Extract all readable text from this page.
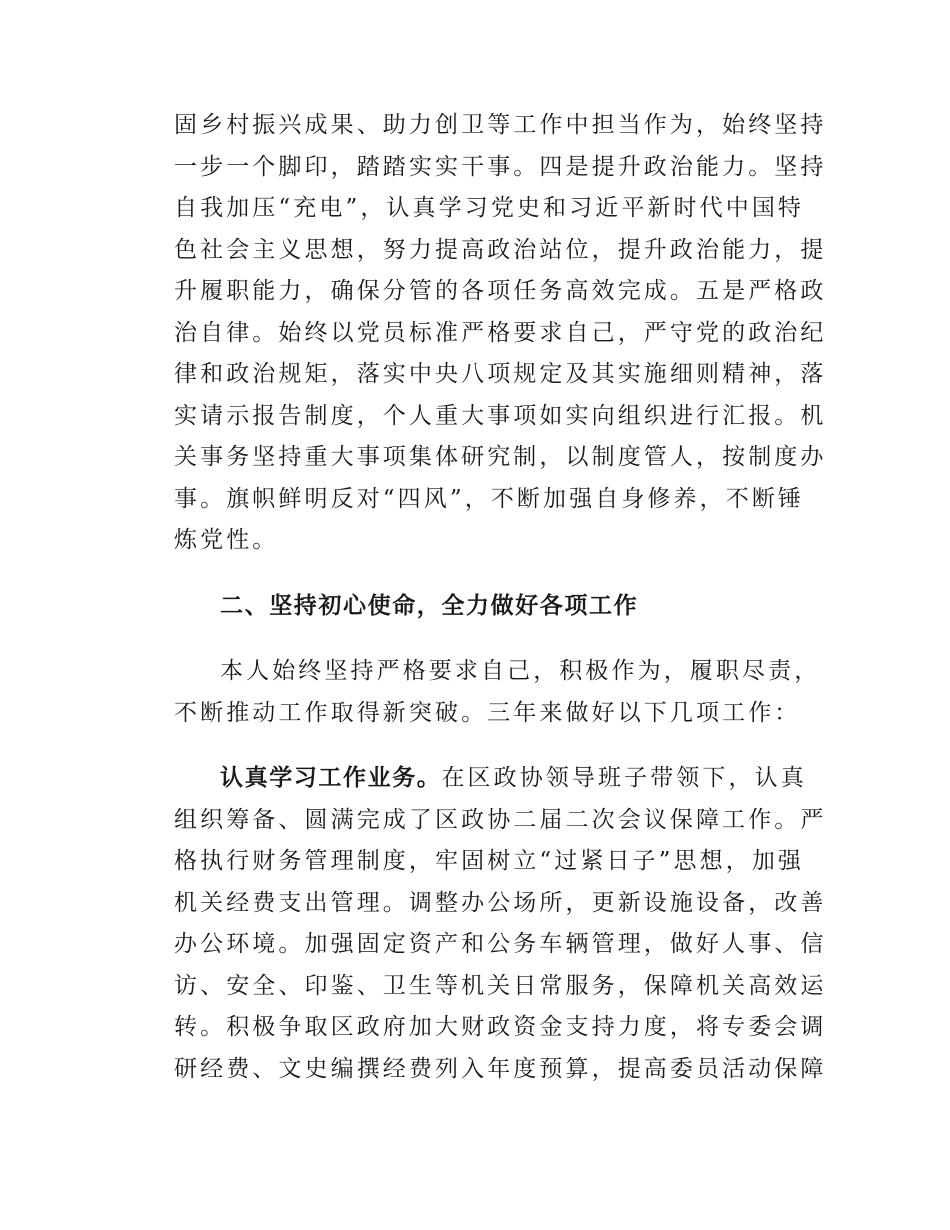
固乡村振兴成果、助力创卫等工作中担当作为，始终坚持
一步一个脚印，踏踏实实干事。四是提升政治能力。坚持
自我加压“充电”，认真学习党史和习近平新时代中国特
色社会主义思想，努力提高政治站位，提升政治能力，提
升履职能力，确保分管的各项任务高效完成。五是严格政
治自律。始终以党员标准严格要求自己，严守党的政治纪
律和政治规矩，落实中央八项规定及其实施细则精神，落
实请示报告制度，个人重大事项如实向组织进行汇报。机
关事务坚持重大事项集体研究制，以制度管人，按制度办
事。旗帜鲜明反对“四风”，不断加强自身修养，不断锤
炼党性。
二、坚持初心使命，全力做好各项工作
本人始终坚持严格要求自己，积极作为，履职尽责，
不断推动工作取得新突破。三年来做好以下几项工作：
认真学习工作业务。在区政协领导班子带领下，认真
组织筹备、圆满完成了区政协二届二次会议保障工作。严
格执行财务管理制度，牢固树立“过紧日子”思想，加强
机关经费支出管理。调整办公场所，更新设施设备，改善
办公环境。加强固定资产和公务车辆管理，做好人事、信
访、安全、印鉴、卫生等机关日常服务，保障机关高效运
转。积极争取区政府加大财政资金支持力度，将专委会调
研经费、文史编撰经费列入年度预算，提高委员活动保障
